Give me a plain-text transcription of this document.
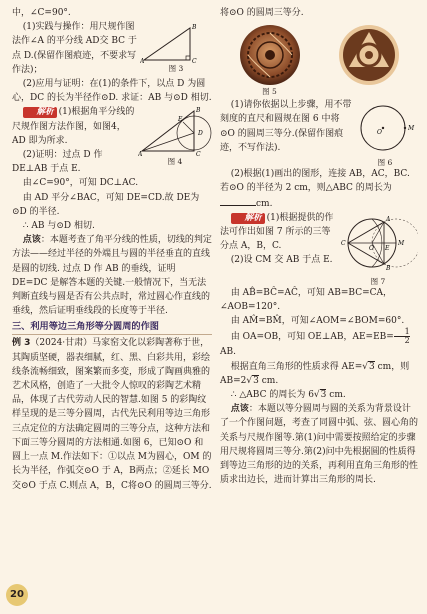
中，∠C=90°.

(1)实践与操作：用尺规作图法作∠A 的平分线 AD交 BC 于点 D.(保留作图痕迹，不要求写作法)；

A	C
B
图 3

(2)应用与证明：在(1)的条件下，以点 D 为圆心，DC 的长为半径作⊙D. 求证：AB 与⊙D 相切.

解析 (1)根据角平分线的尺规作图方法作图，如图4，AD 即为所求.

(2)证明：过点 D 作 DE⊥AB 于点 E.

A	C
B
D
E
图 4

由∠C=90°，可知 DC⊥AC.

由 AD 平分∠BAC，可知 DE=CD.故 DE为⊙D 的半径.

∴ AB 与⊙D 相切.

点该：本题考查了角平分线的性质，切线的判定方法——经过半径的外端且与圆的半径垂直的直线是圆的切线. 过点 D 作 AB 的垂线，证明 DE=DC 是解答本题的关键.一般情况下，当无法判断直线与圆是否有公共点时，常过圆心作直线的垂线，然后证明垂线段的长度等于半径.

三、利用等边三角形等分圆周的作图

例 3（2024·甘肃）马家窑文化以彩陶著称于世，其陶质坚硬，器表细腻，红、黑、白彩共用，彩绘线条流畅细致，图案繁而多变，形成了陶画典雅的艺术风格，创造了一大批令人惊叹的彩陶艺术精品，体现了古代劳动人民的智慧.如图 5 的彩陶纹样呈现的是三等分圆周，古代先民利用等边三角形三点定位的方法确定圆周的三等分点，这种方法和下面三等分圆周的方法相通.如图 6，已知⊙O 和圆上一点 M.作法如下：①以点 M为圆心，OM 的长为半径，作弧交⊙O 于 A，B两点；②延长 MO 交⊙O 于点 C.则点 A，B，C将⊙O 的圆周三等分.

将⊙O 的圆周三等分.

图 5

(1)请你依据以上步骤，用不带刻度的直尺和圆规在图 6 中将⊙O 的圆周三等分.(保留作图痕迹，不写作法).

O
M
图 6

(2)根据(1)画出的图形，连接 AB，AC，BC.若⊙O 的半径为 2 cm，则△ABC 的周长为cm.

解析 (1)根据提供的作法可作出如图 7 所示的三等分点 A，B，C.

(2)设 CM 交 AB 于点 E.

A
B
C
O E
M
图 7

由 AB̂=BĈ=AĈ，可知 AB=BC=CA，∠AOB=120°.

由 AM̂=BM̂，可知∠AOM=∠BOM=60°.

由 OA=OB，可知 OE⊥AB，$AE=EB= \frac{1}{2}$
AB.

根据直角三角形的性质求得 AE=√3 cm，则 AB=2√3 cm.

∴ △ABC 的周长为 6√3 cm.

点该：本题以等分圆周与圆的关系为背景设计了一个作图问题，考查了同圆中弧、弦、圆心角的关系与尺规作图等.第(1)问中需要按照给定的步骤用尺规将圆周三等分.第(2)问中先根据圆的性质得到等边三角形的边的关系，再利用直角三角形的性质求出边长，进而计算出三角形的周长.

20
